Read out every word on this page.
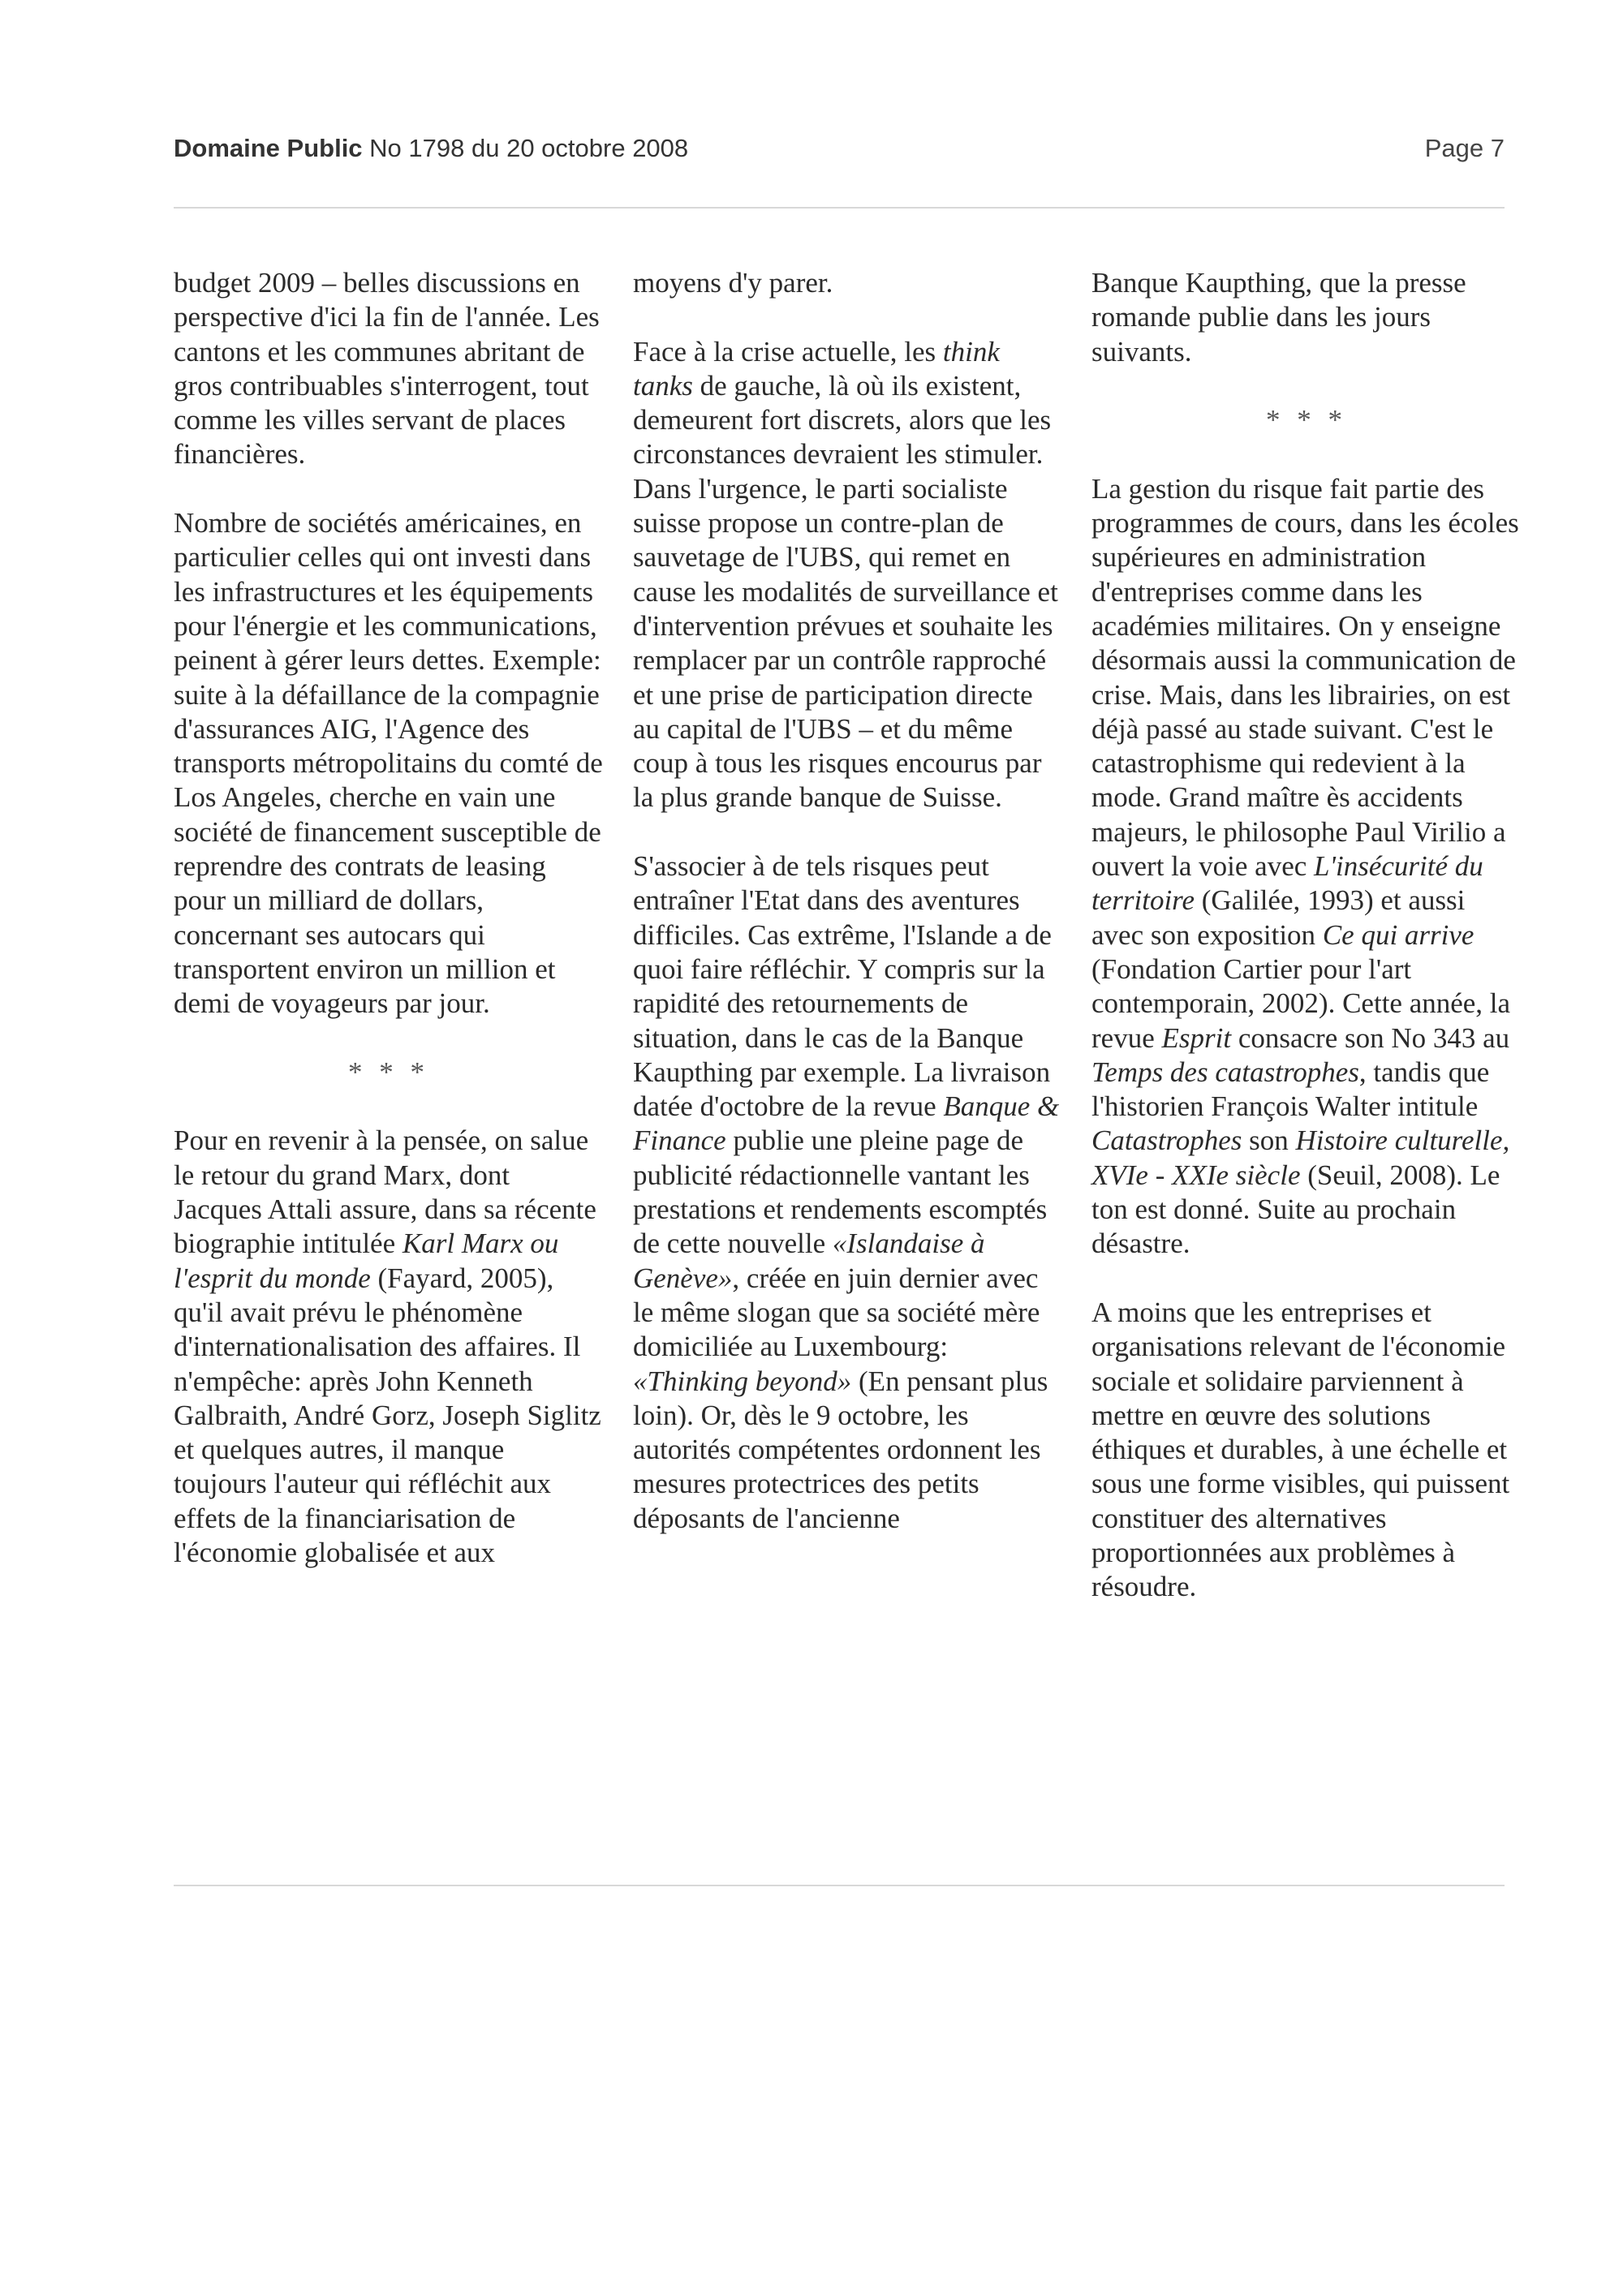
Domaine Public No 1798 du 20 octobre 2008	Page 7

budget 2009 – belles discussions en perspective d'ici la fin de l'année. Les cantons et les communes abritant de gros contribuables s'interrogent, tout comme les villes servant de places financières.

Nombre de sociétés américaines, en particulier celles qui ont investi dans les infrastructures et les équipements pour l'énergie et les communications, peinent à gérer leurs dettes. Exemple: suite à la défaillance de la compagnie d'assurances AIG, l'Agence des transports métropolitains du comté de Los Angeles, cherche en vain une société de financement susceptible de reprendre des contrats de leasing pour un milliard de dollars, concernant ses autocars qui transportent environ un million et demi de voyageurs par jour.

* * *

Pour en revenir à la pensée, on salue le retour du grand Marx, dont Jacques Attali assure, dans sa récente biographie intitulée Karl Marx ou l'esprit du monde (Fayard, 2005), qu'il avait prévu le phénomène d'internationalisation des affaires. Il n'empêche: après John Kenneth Galbraith, André Gorz, Joseph Siglitz et quelques autres, il manque toujours l'auteur qui réfléchit aux effets de la financiarisation de l'économie globalisée et aux

moyens d'y parer.

Face à la crise actuelle, les think tanks de gauche, là où ils existent, demeurent fort discrets, alors que les circonstances devraient les stimuler. Dans l'urgence, le parti socialiste suisse propose un contre-plan de sauvetage de l'UBS, qui remet en cause les modalités de surveillance et d'intervention prévues et souhaite les remplacer par un contrôle rapproché et une prise de participation directe au capital de l'UBS – et du même coup à tous les risques encourus par la plus grande banque de Suisse.

S'associer à de tels risques peut entraîner l'Etat dans des aventures difficiles. Cas extrême, l'Islande a de quoi faire réfléchir. Y compris sur la rapidité des retournements de situation, dans le cas de la Banque Kaupthing par exemple. La livraison datée d'octobre de la revue Banque & Finance publie une pleine page de publicité rédactionnelle vantant les prestations et rendements escomptés de cette nouvelle «Islandaise à Genève», créée en juin dernier avec le même slogan que sa société mère domiciliée au Luxembourg: «Thinking beyond» (En pensant plus loin). Or, dès le 9 octobre, les autorités compétentes ordonnent les mesures protectrices des petits déposants de l'ancienne

Banque Kaupthing, que la presse romande publie dans les jours suivants.

* * *

La gestion du risque fait partie des programmes de cours, dans les écoles supérieures en administration d'entreprises comme dans les académies militaires. On y enseigne désormais aussi la communication de crise. Mais, dans les librairies, on est déjà passé au stade suivant. C'est le catastrophisme qui redevient à la mode. Grand maître ès accidents majeurs, le philosophe Paul Virilio a ouvert la voie avec L'insécurité du territoire (Galilée, 1993) et aussi avec son exposition Ce qui arrive (Fondation Cartier pour l'art contemporain, 2002). Cette année, la revue Esprit consacre son No 343 au Temps des catastrophes, tandis que l'historien François Walter intitule Catastrophes son Histoire culturelle, XVIe - XXIe siècle (Seuil, 2008). Le ton est donné. Suite au prochain désastre.

A moins que les entreprises et organisations relevant de l'économie sociale et solidaire parviennent à mettre en œuvre des solutions éthiques et durables, à une échelle et sous une forme visibles, qui puissent constituer des alternatives proportionnées aux problèmes à résoudre.
